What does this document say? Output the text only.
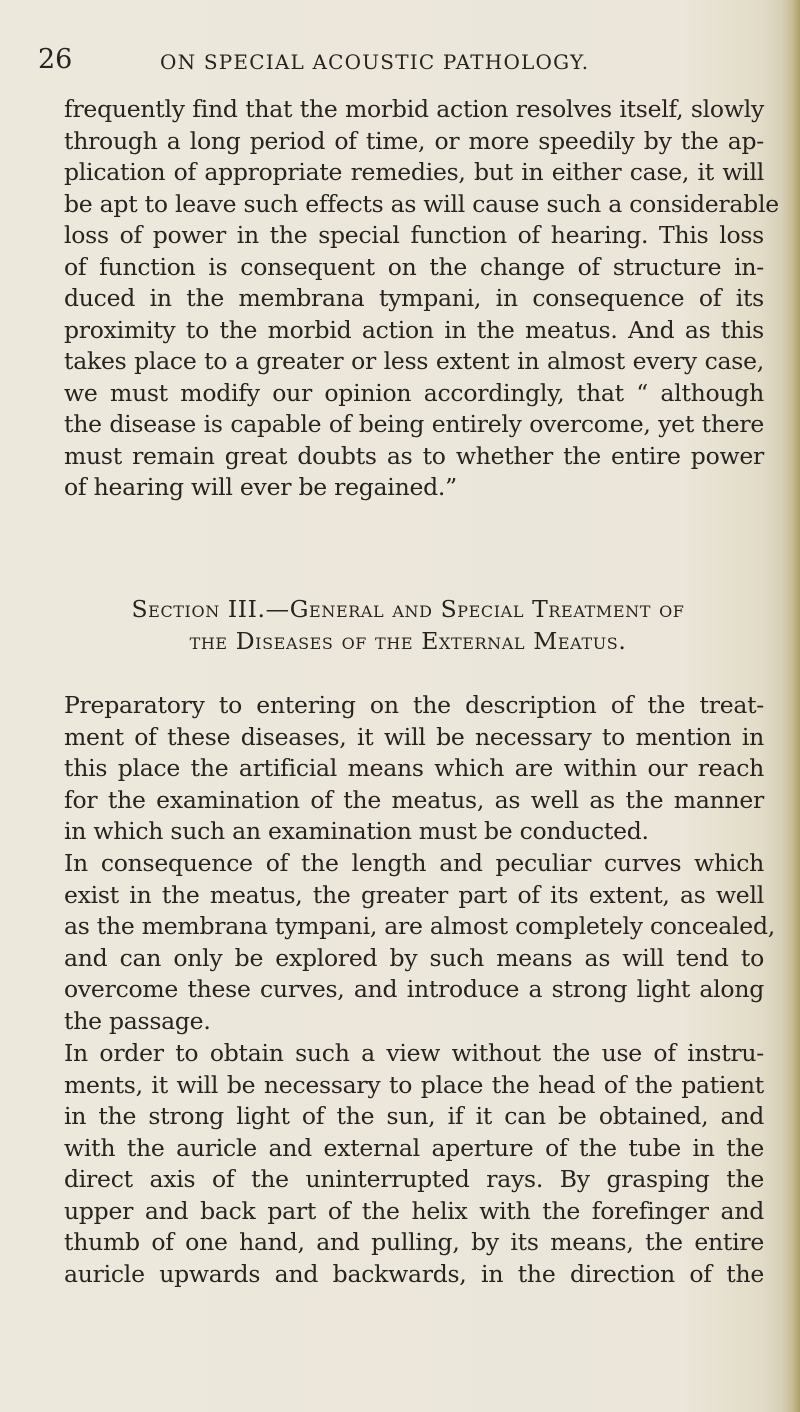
26	ON SPECIAL ACOUSTIC PATHOLOGY.
frequently find that the morbid action resolves itself, slowly
through a long period of time, or more speedily by the ap-
plication of appropriate remedies, but in either case, it will
be apt to leave such effects as will cause such a considerable
loss of power in the special function of hearing. This loss
of function is consequent on the change of structure in-
duced in the membrana tympani, in consequence of its
proximity to the morbid action in the meatus. And as this
takes place to a greater or less extent in almost every case,
we must modify our opinion accordingly, that “ although
the disease is capable of being entirely overcome, yet there
must remain great doubts as to whether the entire power
of hearing will ever be regained.”
Section III.—General and Special Treatment of
the Diseases of the External Meatus.
Preparatory to entering on the description of the treat-
ment of these diseases, it will be necessary to mention in
this place the artificial means which are within our reach
for the examination of the meatus, as well as the manner
in which such an examination must be conducted.
In consequence of the length and peculiar curves which
exist in the meatus, the greater part of its extent, as well
as the membrana tympani, are almost completely concealed,
and can only be explored by such means as will tend to
overcome these curves, and introduce a strong light along
the passage.
In order to obtain such a view without the use of instru-
ments, it will be necessary to place the head of the patient
in the strong light of the sun, if it can be obtained, and
with the auricle and external aperture of the tube in the
direct axis of the uninterrupted rays. By grasping the
upper and back part of the helix with the forefinger and
thumb of one hand, and pulling, by its means, the entire
auricle upwards and backwards, in the direction of the
